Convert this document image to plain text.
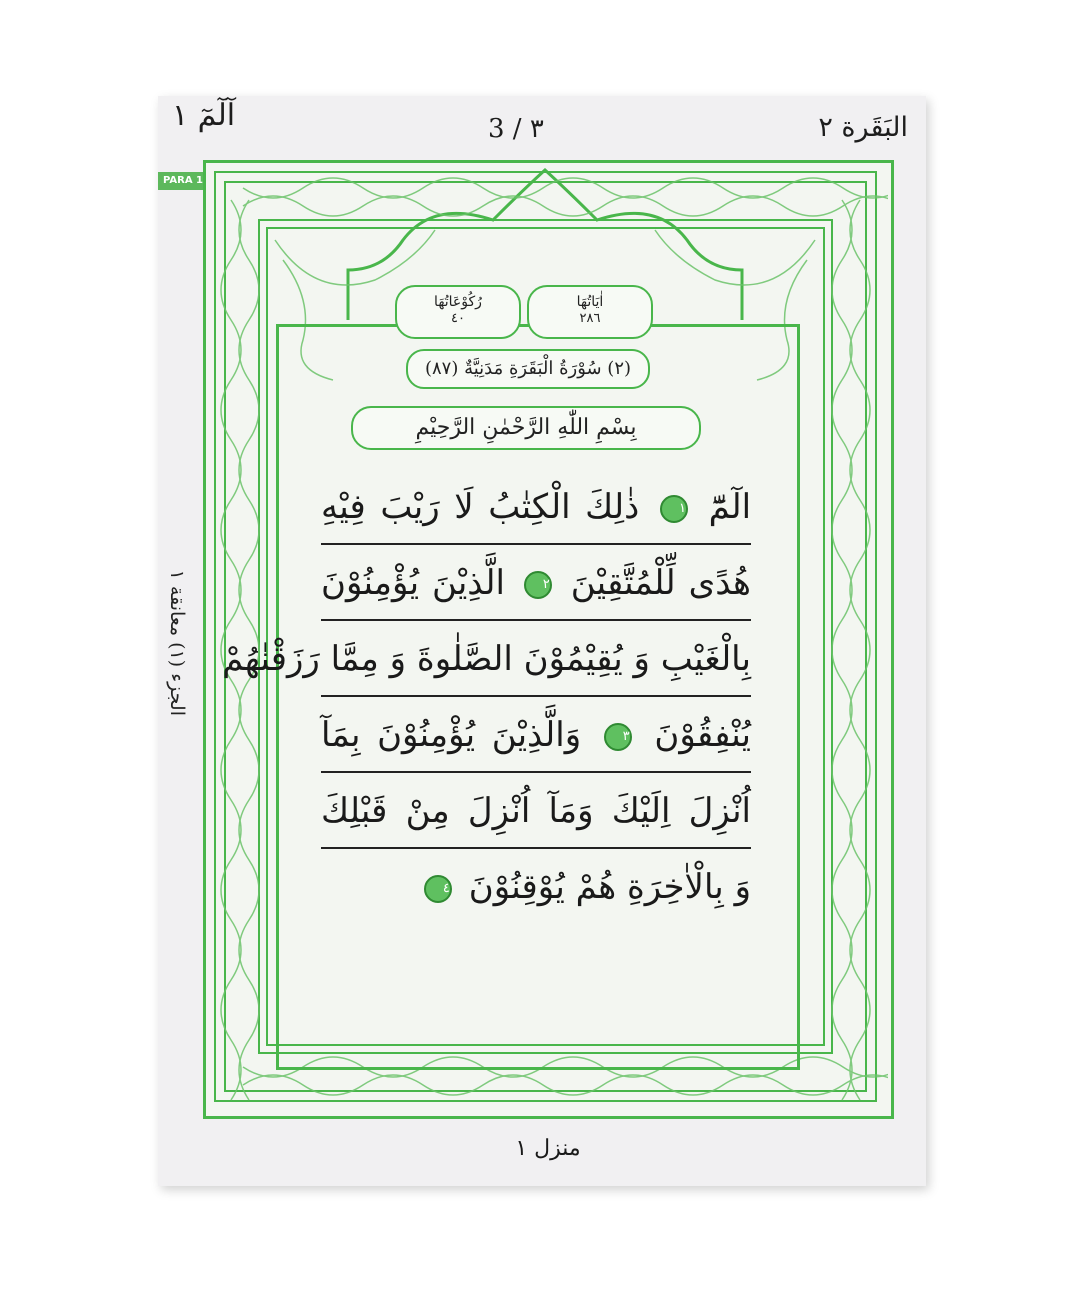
آلٓمٓ ١	3 / ٣	البَقَرة ٢
PARA 1
الجزء (١) معانقة ١
اٰیَاتُهَا
٢٨٦
رُكُوْعَاتُهَا
٤٠
(٢) سُوْرَةُ الْبَقَرَةِ مَدَنِيَّةٌ (٨٧)
بِسْمِ اللّٰهِ الرَّحْمٰنِ الرَّحِیْمِ
الٓمّٓ ١ ذٰلِكَ الْكِتٰبُ لَا رَیْبَ فِیْهِ
هُدًى لِّلْمُتَّقِیْنَ ٢ الَّذِیْنَ یُؤْمِنُوْنَ
بِالْغَیْبِ وَ یُقِیْمُوْنَ الصَّلٰوةَ وَ مِمَّا رَزَقْنٰهُمْ
یُنْفِقُوْنَ ٣ وَالَّذِیْنَ یُؤْمِنُوْنَ بِمَآ
اُنْزِلَ اِلَیْكَ وَمَآ اُنْزِلَ مِنْ قَبْلِكَ
وَ بِالْاٰخِرَةِ هُمْ یُوْقِنُوْنَ ٤
منزل ١
